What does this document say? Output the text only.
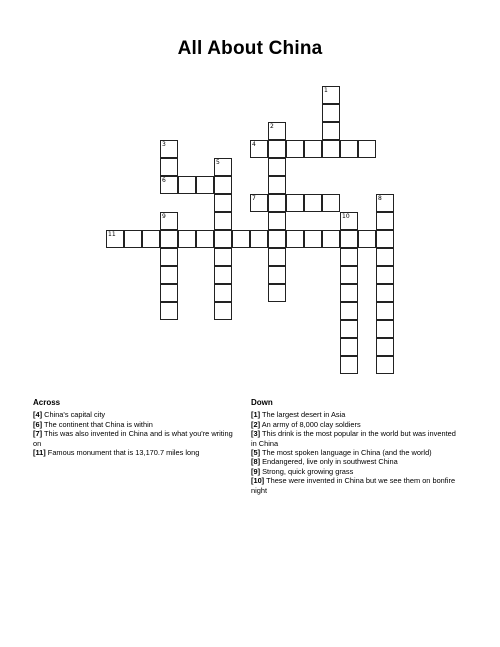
All About China
1
2
3
6
4
5
7	8
9	10
11
Across
[4] China's capital city
[6] The continent that China is within
[7] This was also invented in China and is what you're writing on
[11] Famous monument that is 13,170.7 miles long
Down
[1] The largest desert in Asia
[2] An army of 8,000 clay soldiers
[3] This drink is the most popular in the world but was invented in China
[5] The most spoken language in China (and the world)
[8] Endangered, live only in southwest China
[9] Strong, quick growing grass
[10] These were invented in China but we see them on bonfire night
